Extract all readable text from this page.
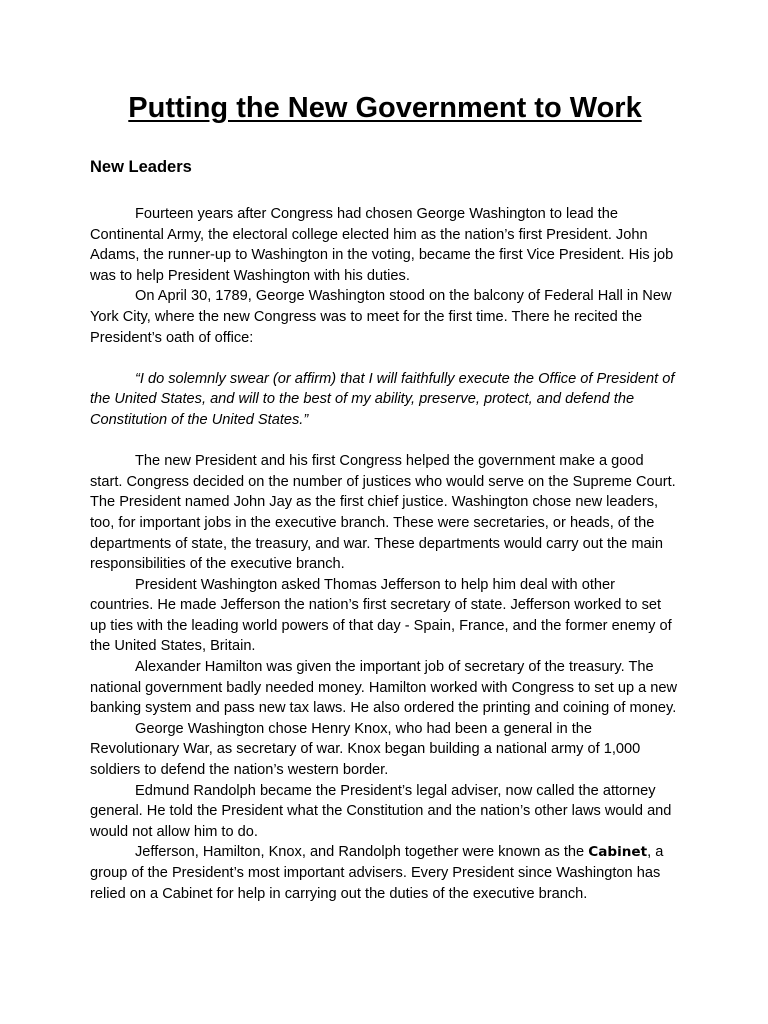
Putting the New Government to Work
New Leaders

Fourteen years after Congress had chosen George Washington to lead the Continental Army, the electoral college elected him as the nation’s first President. John Adams, the runner-up to Washington in the voting, became the first Vice President. His job was to help President Washington with his duties.

On April 30, 1789, George Washington stood on the balcony of Federal Hall in New York City, where the new Congress was to meet for the first time. There he recited the President’s oath of office:

“I do solemnly swear (or affirm) that I will faithfully execute the Office of President of the United States, and will to the best of my ability, preserve, protect, and defend the Constitution of the United States.”

The new President and his first Congress helped the government make a good start. Congress decided on the number of justices who would serve on the Supreme Court. The President named John Jay as the first chief justice. Washington chose new leaders, too, for important jobs in the executive branch. These were secretaries, or heads, of the departments of state, the treasury, and war. These departments would carry out the main responsibilities of the executive branch.

President Washington asked Thomas Jefferson to help him deal with other countries. He made Jefferson the nation’s first secretary of state. Jefferson worked to set up ties with the leading world powers of that day - Spain, France, and the former enemy of the United States, Britain.

Alexander Hamilton was given the important job of secretary of the treasury. The national government badly needed money. Hamilton worked with Congress to set up a new banking system and pass new tax laws. He also ordered the printing and coining of money.

George Washington chose Henry Knox, who had been a general in the Revolutionary War, as secretary of war. Knox began building a national army of 1,000 soldiers to defend the nation’s western border.

Edmund Randolph became the President’s legal adviser, now called the attorney general. He told the President what the Constitution and the nation’s other laws would and would not allow him to do.

Jefferson, Hamilton, Knox, and Randolph together were known as the Cabinet, a group of the President’s most important advisers. Every President since Washington has relied on a Cabinet for help in carrying out the duties of the executive branch.
